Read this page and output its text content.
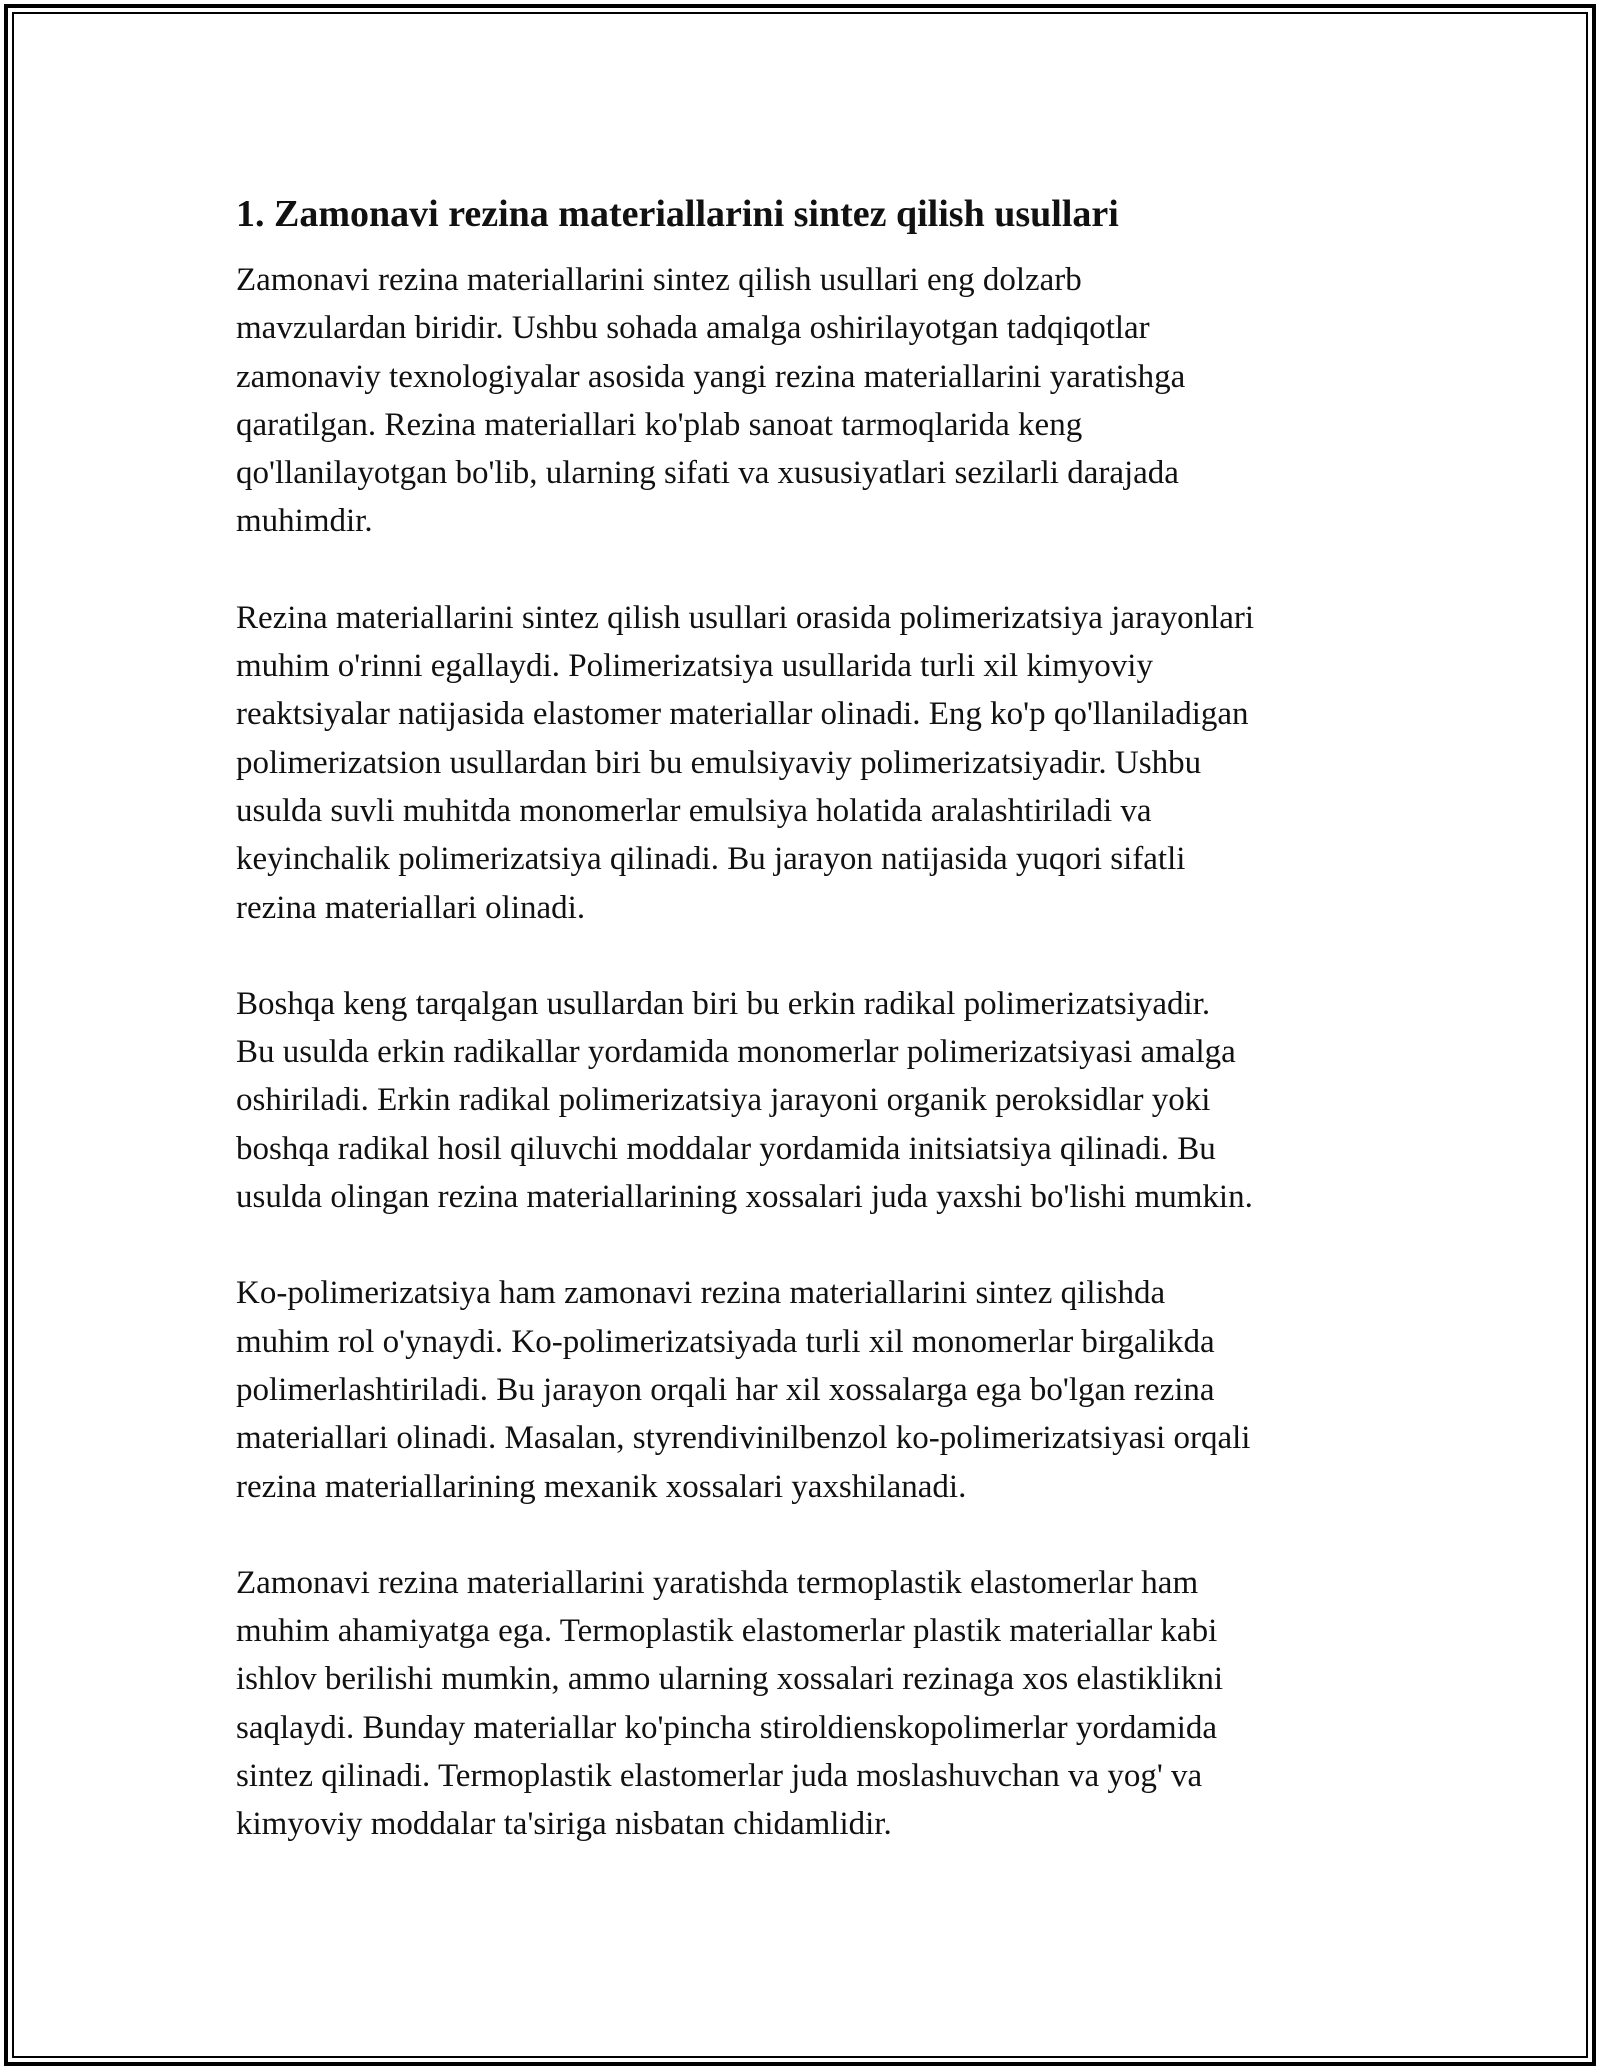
1. Zamonavi rezina materiallarini sintez qilish usullari

Zamonavi rezina materiallarini sintez qilish usullari eng dolzarb
mavzulardan biridir. Ushbu sohada amalga oshirilayotgan tadqiqotlar
zamonaviy texnologiyalar asosida yangi rezina materiallarini yaratishga
qaratilgan. Rezina materiallari ko'plab sanoat tarmoqlarida keng
qo'llanilayotgan bo'lib, ularning sifati va xususiyatlari sezilarli darajada
muhimdir.

Rezina materiallarini sintez qilish usullari orasida polimerizatsiya jarayonlari
muhim o'rinni egallaydi. Polimerizatsiya usullarida turli xil kimyoviy
reaktsiyalar natijasida elastomer materiallar olinadi. Eng ko'p qo'llaniladigan
polimerizatsion usullardan biri bu emulsiyaviy polimerizatsiyadir. Ushbu
usulda suvli muhitda monomerlar emulsiya holatida aralashtiriladi va
keyinchalik polimerizatsiya qilinadi. Bu jarayon natijasida yuqori sifatli
rezina materiallari olinadi.

Boshqa keng tarqalgan usullardan biri bu erkin radikal polimerizatsiyadir.
Bu usulda erkin radikallar yordamida monomerlar polimerizatsiyasi amalga
oshiriladi. Erkin radikal polimerizatsiya jarayoni organik peroksidlar yoki
boshqa radikal hosil qiluvchi moddalar yordamida initsiatsiya qilinadi. Bu
usulda olingan rezina materiallarining xossalari juda yaxshi bo'lishi mumkin.

Ko-polimerizatsiya ham zamonavi rezina materiallarini sintez qilishda
muhim rol o'ynaydi. Ko-polimerizatsiyada turli xil monomerlar birgalikda
polimerlashtiriladi. Bu jarayon orqali har xil xossalarga ega bo'lgan rezina
materiallari olinadi. Masalan, styrendivinilbenzol ko-polimerizatsiyasi orqali
rezina materiallarining mexanik xossalari yaxshilanadi.

Zamonavi rezina materiallarini yaratishda termoplastik elastomerlar ham
muhim ahamiyatga ega. Termoplastik elastomerlar plastik materiallar kabi
ishlov berilishi mumkin, ammo ularning xossalari rezinaga xos elastiklikni
saqlaydi. Bunday materiallar ko'pincha stiroldienskopolimerlar yordamida
sintez qilinadi. Termoplastik elastomerlar juda moslashuvchan va yog' va
kimyoviy moddalar ta'siriga nisbatan chidamlidir.
